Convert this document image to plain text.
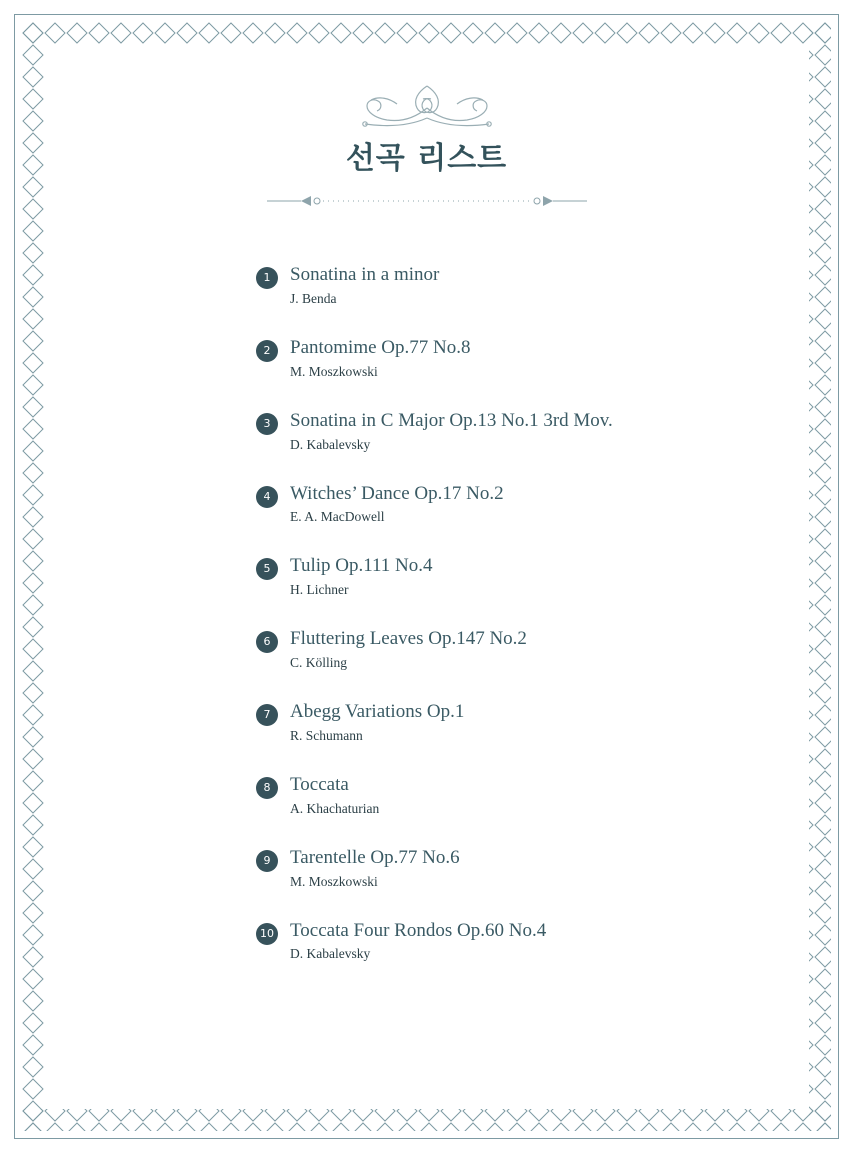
선곡 리스트
1	Sonatina in a minor
J. Benda
2	Pantomime Op.77 No.8
M. Moszkowski
3	Sonatina in C Major Op.13 No.1 3rd Mov.
D. Kabalevsky
4	Witches’ Dance Op.17 No.2
E. A. MacDowell
5	Tulip Op.111 No.4
H. Lichner
6	Fluttering Leaves Op.147 No.2
C. Kölling
7	Abegg Variations Op.1
R. Schumann
8	Toccata
A. Khachaturian
9	Tarentelle Op.77 No.6
M. Moszkowski
10 Toccata Four Rondos Op.60 No.4
D. Kabalevsky
